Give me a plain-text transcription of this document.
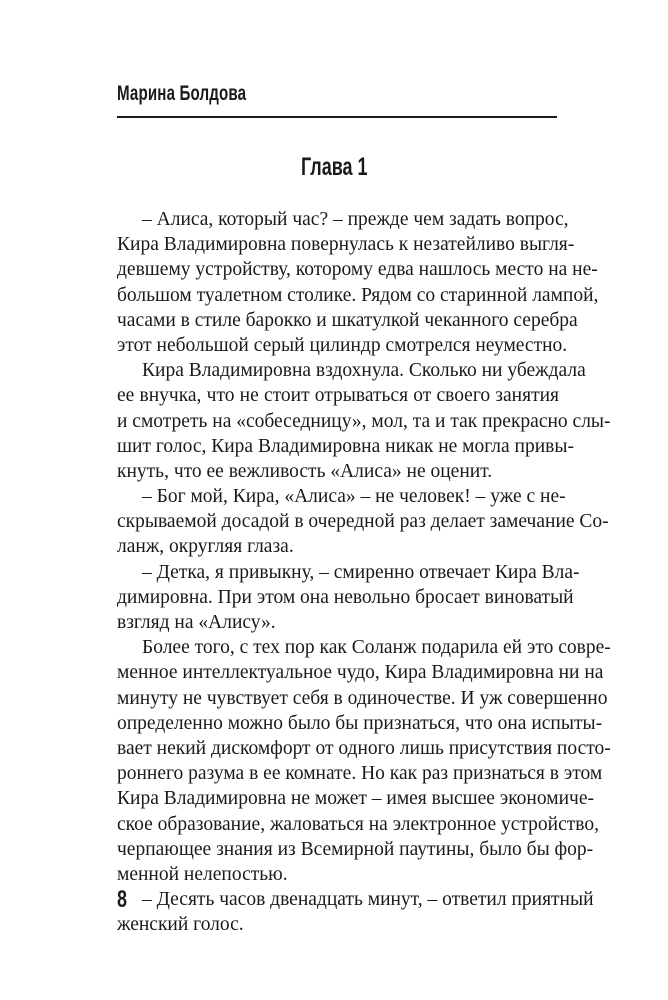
Марина Болдова
Глава 1
– Алиса, который час? – прежде чем задать вопрос,
Кира Владимировна повернулась к незатейливо выгля-
девшему устройству, которому едва нашлось место на не-
большом туалетном столике. Рядом со старинной лампой,
часами в стиле барокко и шкатулкой чеканного серебра
этот небольшой серый цилиндр смотрелся неуместно.
Кира Владимировна вздохнула. Сколько ни убеждала
ее внучка, что не стоит отрываться от своего занятия
и смотреть на «собеседницу», мол, та и так прекрасно слы-
шит голос, Кира Владимировна никак не могла привы-
кнуть, что ее вежливость «Алиса» не оценит.
– Бог мой, Кира, «Алиса» – не человек! – уже с не-
скрываемой досадой в очередной раз делает замечание Со-
ланж, округляя глаза.
– Детка, я привыкну, – смиренно отвечает Кира Вла-
димировна. При этом она невольно бросает виноватый
взгляд на «Алису».
Более того, с тех пор как Соланж подарила ей это совре-
менное интеллектуальное чудо, Кира Владимировна ни на
минуту не чувствует себя в одиночестве. И уж совершенно
определенно можно было бы признаться, что она испыты-
вает некий дискомфорт от одного лишь присутствия посто-
роннего разума в ее комнате. Но как раз признаться в этом
Кира Владимировна не может – имея высшее экономиче-
ское образование, жаловаться на электронное устройство,
черпающее знания из Всемирной паутины, было бы фор-
менной нелепостью.
– Десять часов двенадцать минут, – ответил приятный
женский голос.
8
